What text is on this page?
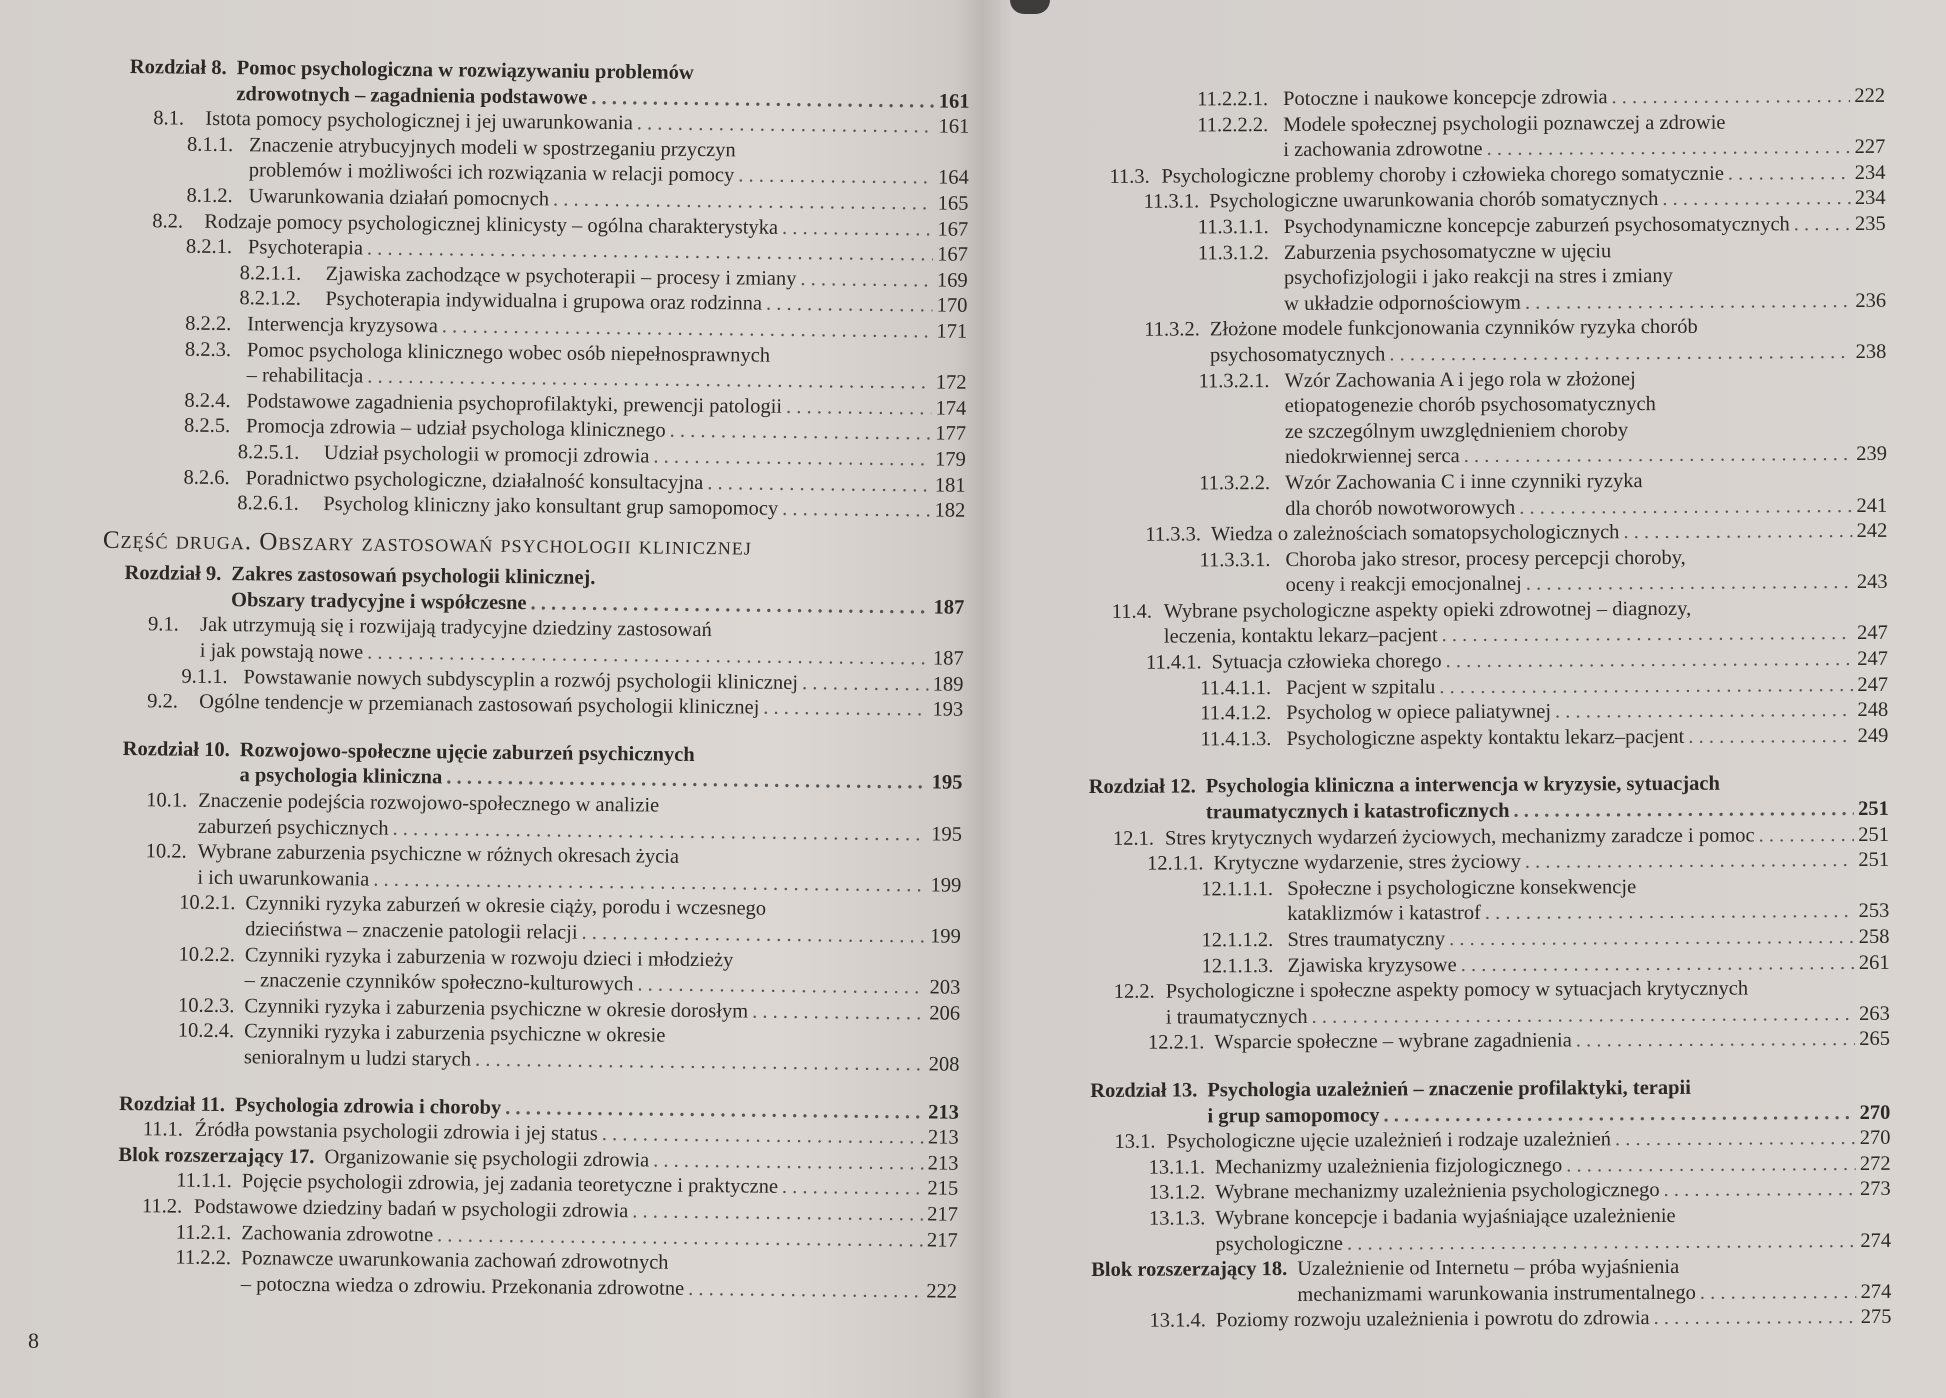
Rozdział 8. Pomoc psychologiczna w rozwiązywaniu problemów
zdrowotnych – zagadnienia podstawowe . . .	161
8.1.	Istota pomocy psychologicznej i jej uwarunkowania . . .	161
8.1.1. Znaczenie atrybucyjnych modeli w spostrzeganiu przyczyn
problemów i możliwości ich rozwiązania w relacji pomocy . . .	164
8.1.2. Uwarunkowania działań pomocnych . . .	165
8.2.	Rodzaje pomocy psychologicznej klinicysty – ogólna charakterystyka . . .	167
8.2.1. Psychoterapia . . .	167
8.2.1.1.	Zjawiska zachodzące w psychoterapii – procesy i zmiany . . .	169
8.2.1.2.	Psychoterapia indywidualna i grupowa oraz rodzinna . . .	170
8.2.2. Interwencja kryzysowa . . .	171
8.2.3. Pomoc psychologa klinicznego wobec osób niepełnosprawnych
– rehabilitacja . . .	172
8.2.4. Podstawowe zagadnienia psychoprofilaktyki, prewencji patologii . . .	174
8.2.5. Promocja zdrowia – udział psychologa klinicznego . . .	177
8.2.5.1.	Udział psychologii w promocji zdrowia . . .	179
8.2.6. Poradnictwo psychologiczne, działalność konsultacyjna . . .	181
8.2.6.1.	Psycholog kliniczny jako konsultant grup samopomocy . . .	182
Część druga. Obszary zastosowań psychologii klinicznej
Rozdział 9. Zakres zastosowań psychologii klinicznej.
Obszary tradycyjne i współczesne . . .	187
9.1.	Jak utrzymują się i rozwijają tradycyjne dziedziny zastosowań
i jak powstają nowe . . .	187
9.1.1. Powstawanie nowych subdyscyplin a rozwój psychologii klinicznej . . .	189
9.2.	Ogólne tendencje w przemianach zastosowań psychologii klinicznej . . .	193
Rozdział 10. Rozwojowo-społeczne ujęcie zaburzeń psychicznych
a psychologia kliniczna . . .	195
10.1. Znaczenie podejścia rozwojowo-społecznego w analizie
zaburzeń psychicznych . . .	195
10.2. Wybrane zaburzenia psychiczne w różnych okresach życia
i ich uwarunkowania . . .	199
10.2.1. Czynniki ryzyka zaburzeń w okresie ciąży, porodu i wczesnego
dzieciństwa – znaczenie patologii relacji . . .	199
10.2.2. Czynniki ryzyka i zaburzenia w rozwoju dzieci i młodzieży
– znaczenie czynników społeczno-kulturowych . . .	203
10.2.3. Czynniki ryzyka i zaburzenia psychiczne w okresie dorosłym . . .	206
10.2.4. Czynniki ryzyka i zaburzenia psychiczne w okresie
senioralnym u ludzi starych . . .	208
Rozdział 11. Psychologia zdrowia i choroby . . .	213
11.1. Źródła powstania psychologii zdrowia i jej status . . .	213
Blok rozszerzający 17. Organizowanie się psychologii zdrowia . . .	213
11.1.1. Pojęcie psychologii zdrowia, jej zadania teoretyczne i praktyczne . . .	215
11.2. Podstawowe dziedziny badań w psychologii zdrowia . . .	217
11.2.1. Zachowania zdrowotne . . .	217
11.2.2. Poznawcze uwarunkowania zachowań zdrowotnych
– potoczna wiedza o zdrowiu. Przekonania zdrowotne . . .	222
11.2.2.1. Potoczne i naukowe koncepcje zdrowia . . .	222
11.2.2.2. Modele społecznej psychologii poznawczej a zdrowie
i zachowania zdrowotne . . .	227
11.3. Psychologiczne problemy choroby i człowieka chorego somatycznie . . .	234
11.3.1. Psychologiczne uwarunkowania chorób somatycznych . . .	234
11.3.1.1. Psychodynamiczne koncepcje zaburzeń psychosomatycznych . . .	235
11.3.1.2. Zaburzenia psychosomatyczne w ujęciu
psychofizjologii i jako reakcji na stres i zmiany
w układzie odpornościowym . . .	236
11.3.2. Złożone modele funkcjonowania czynników ryzyka chorób
psychosomatycznych . . .	238
11.3.2.1. Wzór Zachowania A i jego rola w złożonej
etiopatogenezie chorób psychosomatycznych
ze szczególnym uwzględnieniem choroby
niedokrwiennej serca . . .	239
11.3.2.2. Wzór Zachowania C i inne czynniki ryzyka
dla chorób nowotworowych . . .	241
11.3.3. Wiedza o zależnościach somatopsychologicznych . . .	242
11.3.3.1. Choroba jako stresor, procesy percepcji choroby,
oceny i reakcji emocjonalnej . . .	243
11.4. Wybrane psychologiczne aspekty opieki zdrowotnej – diagnozy,
leczenia, kontaktu lekarz–pacjent . . .	247
11.4.1. Sytuacja człowieka chorego . . .	247
11.4.1.1. Pacjent w szpitalu . . .	247
11.4.1.2. Psycholog w opiece paliatywnej . . .	248
11.4.1.3. Psychologiczne aspekty kontaktu lekarz–pacjent . . .	249
Rozdział 12. Psychologia kliniczna a interwencja w kryzysie, sytuacjach
traumatycznych i katastroficznych . . .	251
12.1. Stres krytycznych wydarzeń życiowych, mechanizmy zaradcze i pomoc . . .	251
12.1.1. Krytyczne wydarzenie, stres życiowy . . .	251
12.1.1.1. Społeczne i psychologiczne konsekwencje
kataklizmów i katastrof . . .	253
12.1.1.2. Stres traumatyczny . . .	258
12.1.1.3. Zjawiska kryzysowe . . .	261
12.2. Psychologiczne i społeczne aspekty pomocy w sytuacjach krytycznych
i traumatycznych . . .	263
12.2.1. Wsparcie społeczne – wybrane zagadnienia . . .	265
Rozdział 13. Psychologia uzależnień – znaczenie profilaktyki, terapii
i grup samopomocy . . .	270
13.1. Psychologiczne ujęcie uzależnień i rodzaje uzależnień . . .	270
13.1.1. Mechanizmy uzależnienia fizjologicznego . . .	272
13.1.2. Wybrane mechanizmy uzależnienia psychologicznego . . .	273
13.1.3. Wybrane koncepcje i badania wyjaśniające uzależnienie
psychologiczne . . .	274
Blok rozszerzający 18. Uzależnienie od Internetu – próba wyjaśnienia
mechanizmami warunkowania instrumentalnego . . .	274
13.1.4. Poziomy rozwoju uzależnienia i powrotu do zdrowia . . .	275
8
